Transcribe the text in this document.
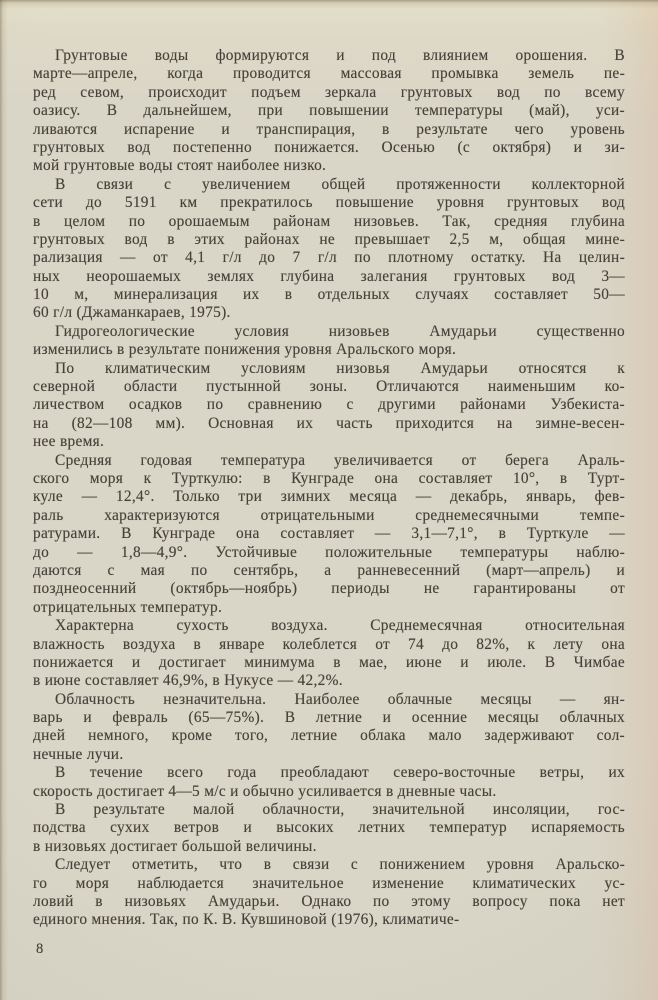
Грунтовые воды формируются и под влиянием орошения. В
марте—апреле, когда проводится массовая промывка земель пе-
ред севом, происходит подъем зеркала грунтовых вод по всему
оазису. В дальнейшем, при повышении температуры (май), уси-
ливаются испарение и транспирация, в результате чего уровень
грунтовых вод постепенно понижается. Осенью (с октября) и зи-
мой грунтовые воды стоят наиболее низко.

В связи с увеличением общей протяженности коллекторной
сети до 5191 км прекратилось повышение уровня грунтовых вод
в целом по орошаемым районам низовьев. Так, средняя глубина
грунтовых вод в этих районах не превышает 2,5 м, общая мине-
рализация — от 4,1 г/л до 7 г/л по плотному остатку. На целин-
ных неорошаемых землях глубина залегания грунтовых вод 3—
10 м, минерализация их в отдельных случаях составляет 50—
60 г/л (Джаманкараев, 1975).

Гидрогеологические условия низовьев Амударьи существенно
изменились в результате понижения уровня Аральского моря.

По климатическим условиям низовья Амударьи относятся к
северной области пустынной зоны. Отличаются наименьшим ко-
личеством осадков по сравнению с другими районами Узбекиста-
на (82—108 мм). Основная их часть приходится на зимне-весен-
нее время.

Средняя годовая температура увеличивается от берега Араль-
ского моря к Турткулю: в Кунграде она составляет 10°, в Турт-
куле — 12,4°. Только три зимних месяца — декабрь, январь, фев-
раль характеризуются отрицательными среднемесячными темпе-
ратурами. В Кунграде она составляет — 3,1—7,1°, в Турткуле —
до — 1,8—4,9°. Устойчивые положительные температуры наблю-
даются с мая по сентябрь, а ранневесенний (март—апрель) и
позднеосенний (октябрь—ноябрь) периоды не гарантированы от
отрицательных температур.

Характерна сухость воздуха. Среднемесячная относительная
влажность воздуха в январе колеблется от 74 до 82%, к лету она
понижается и достигает минимума в мае, июне и июле. В Чимбае
в июне составляет 46,9%, в Нукусе — 42,2%.

Облачность незначительна. Наиболее облачные месяцы — ян-
варь и февраль (65—75%). В летние и осенние месяцы облачных
дней немного, кроме того, летние облака мало задерживают сол-
нечные лучи.

В течение всего года преобладают северо-восточные ветры, их
скорость достигает 4—5 м/с и обычно усиливается в дневные часы.

В результате малой облачности, значительной инсоляции, гос-
подства сухих ветров и высоких летних температур испаряемость
в низовьях достигает большой величины.

Следует отметить, что в связи с понижением уровня Аральско-
го моря наблюдается значительное изменение климатических ус-
ловий в низовьях Амударьи. Однако по этому вопросу пока нет
единого мнения. Так, по К. В. Кувшиновой (1976), климатиче-

8
